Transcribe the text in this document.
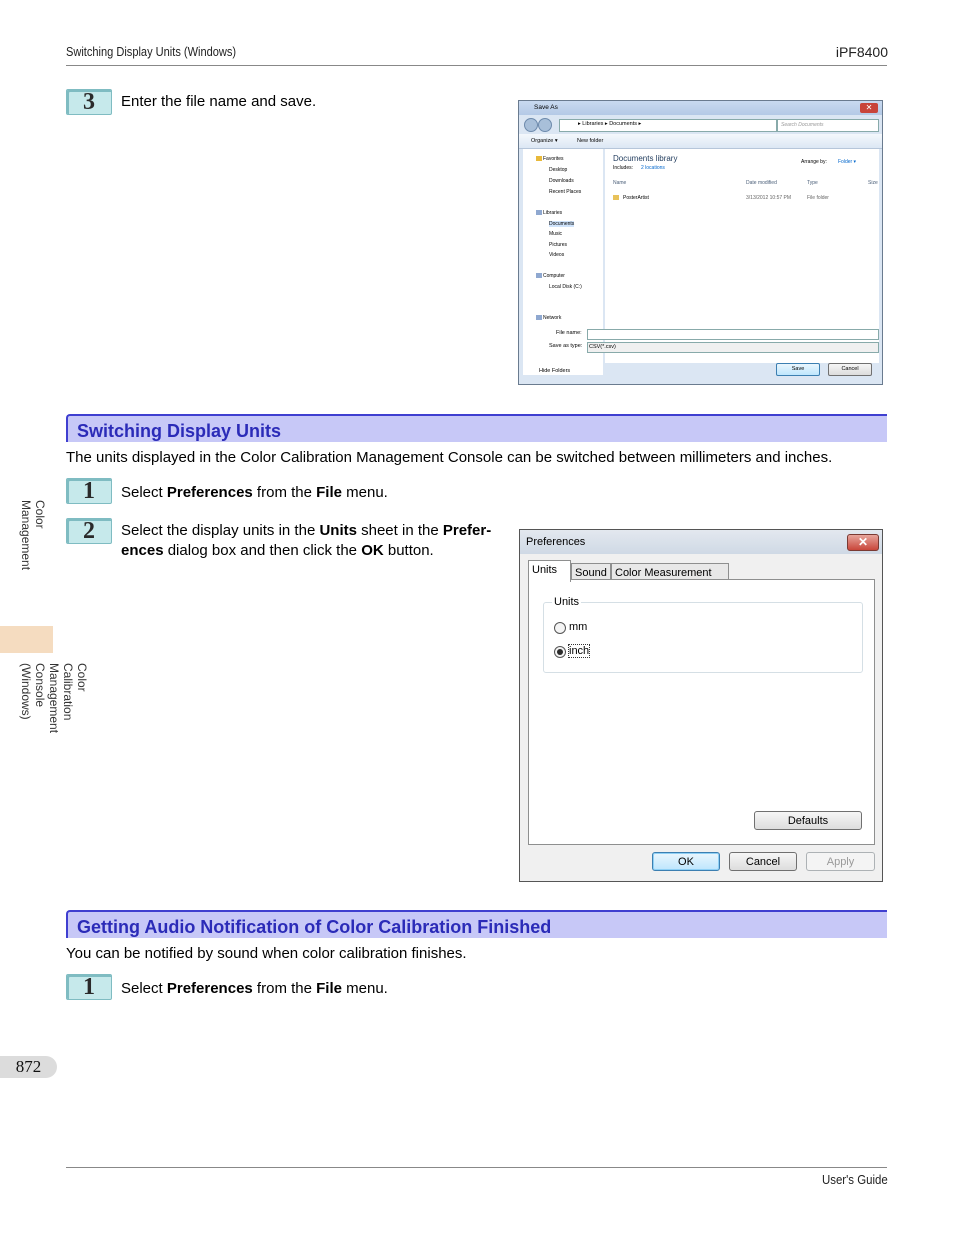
Switching Display Units (Windows)	iPF8400
Color Management
Color Calibration Management Console (Windows)
872
3	Enter the file name and save.	Save As	✕
▸ Libraries ▸ Documents ▸	Search Documents
Organize ▾	New folder
Favorites
Desktop
Downloads
Recent Places
Libraries
Documents
Music
Pictures
Videos
Computer
Local Disk (C:)
Network
Documents library
Includes: 2 locations
Arrange by: Folder ▾
Name	Date modified	Type	Size
PosterArtist	3/13/2012 10:57 PM	File folder
File name:
Save as type: CSV(*.csv)
Hide Folders	Save	Cancel
Switching Display Units
The units displayed in the Color Calibration Management Console can be switched between millimeters and inches.
1	Select Preferences from the File menu.
2	Select the display units in the Units sheet in the Prefer-
ences dialog box and then click the OK button.	Preferences	✕
Units	Sound Color Measurement
Units
mm
inch
Defaults
OK	Cancel	Apply
Getting Audio Notification of Color Calibration Finished
You can be notified by sound when color calibration finishes.
1	Select Preferences from the File menu.
User's Guide
